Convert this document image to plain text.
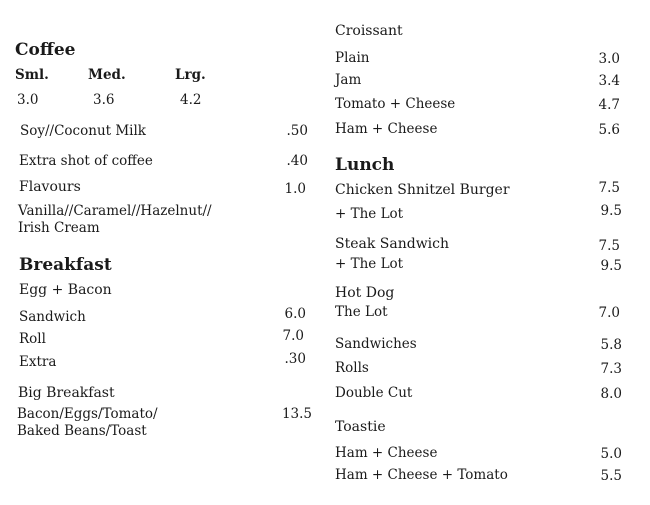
Coffee
Sml.	Med.	Lrg.
3.0	3.6	4.2
Soy//Coconut Milk	.50
Extra shot of coffee	.40
Flavours	1.0
Vanilla//Caramel//Hazelnut//
Irish Cream
Breakfast
Egg + Bacon
Sandwich	6.0
Roll	7.0
Extra	.30
Big Breakfast
Bacon/Eggs/Tomato/	13.5
Baked Beans/Toast
Croissant
Plain	3.0
Jam	3.4
Tomato + Cheese	4.7
Ham + Cheese	5.6
Lunch
Chicken Shnitzel Burger	7.5
+ The Lot	9.5
Steak Sandwich	7.5
+ The Lot	9.5
Hot Dog
The Lot	7.0
Sandwiches	5.8
Rolls	7.3
Double Cut	8.0
Toastie
Ham + Cheese	5.0
Ham + Cheese + Tomato	5.5
